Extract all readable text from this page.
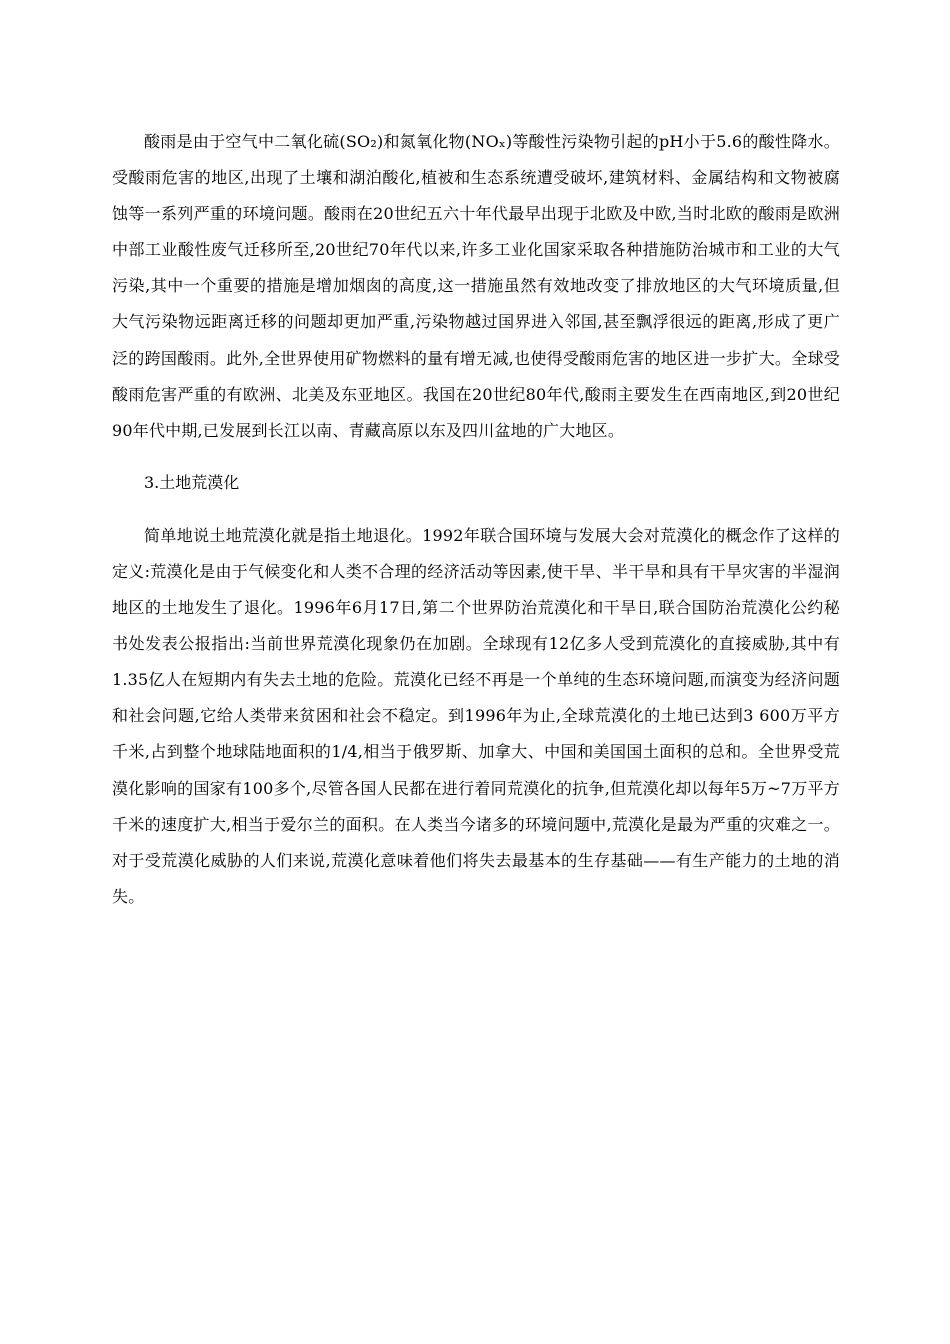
酸雨是由于空气中二氧化硫(SO₂)和氮氧化物(NOₓ)等酸性污染物引起的pH小于5.6的酸性降水。受酸雨危害的地区,出现了土壤和湖泊酸化,植被和生态系统遭受破坏,建筑材料、金属结构和文物被腐蚀等一系列严重的环境问题。酸雨在20世纪五六十年代最早出现于北欧及中欧,当时北欧的酸雨是欧洲中部工业酸性废气迁移所至,20世纪70年代以来,许多工业化国家采取各种措施防治城市和工业的大气污染,其中一个重要的措施是增加烟囱的高度,这一措施虽然有效地改变了排放地区的大气环境质量,但大气污染物远距离迁移的问题却更加严重,污染物越过国界进入邻国,甚至飘浮很远的距离,形成了更广泛的跨国酸雨。此外,全世界使用矿物燃料的量有增无减,也使得受酸雨危害的地区进一步扩大。全球受酸雨危害严重的有欧洲、北美及东亚地区。我国在20世纪80年代,酸雨主要发生在西南地区,到20世纪90年代中期,已发展到长江以南、青藏高原以东及四川盆地的广大地区。

3.土地荒漠化

简单地说土地荒漠化就是指土地退化。1992年联合国环境与发展大会对荒漠化的概念作了这样的定义:荒漠化是由于气候变化和人类不合理的经济活动等因素,使干旱、半干旱和具有干旱灾害的半湿润地区的土地发生了退化。1996年6月17日,第二个世界防治荒漠化和干旱日,联合国防治荒漠化公约秘书处发表公报指出:当前世界荒漠化现象仍在加剧。全球现有12亿多人受到荒漠化的直接威胁,其中有1.35亿人在短期内有失去土地的危险。荒漠化已经不再是一个单纯的生态环境问题,而演变为经济问题和社会问题,它给人类带来贫困和社会不稳定。到1996年为止,全球荒漠化的土地已达到3 600万平方千米,占到整个地球陆地面积的1/4,相当于俄罗斯、加拿大、中国和美国国土面积的总和。全世界受荒漠化影响的国家有100多个,尽管各国人民都在进行着同荒漠化的抗争,但荒漠化却以每年5万~7万平方千米的速度扩大,相当于爱尔兰的面积。在人类当今诸多的环境问题中,荒漠化是最为严重的灾难之一。对于受荒漠化威胁的人们来说,荒漠化意味着他们将失去最基本的生存基础——有生产能力的土地的消失。
